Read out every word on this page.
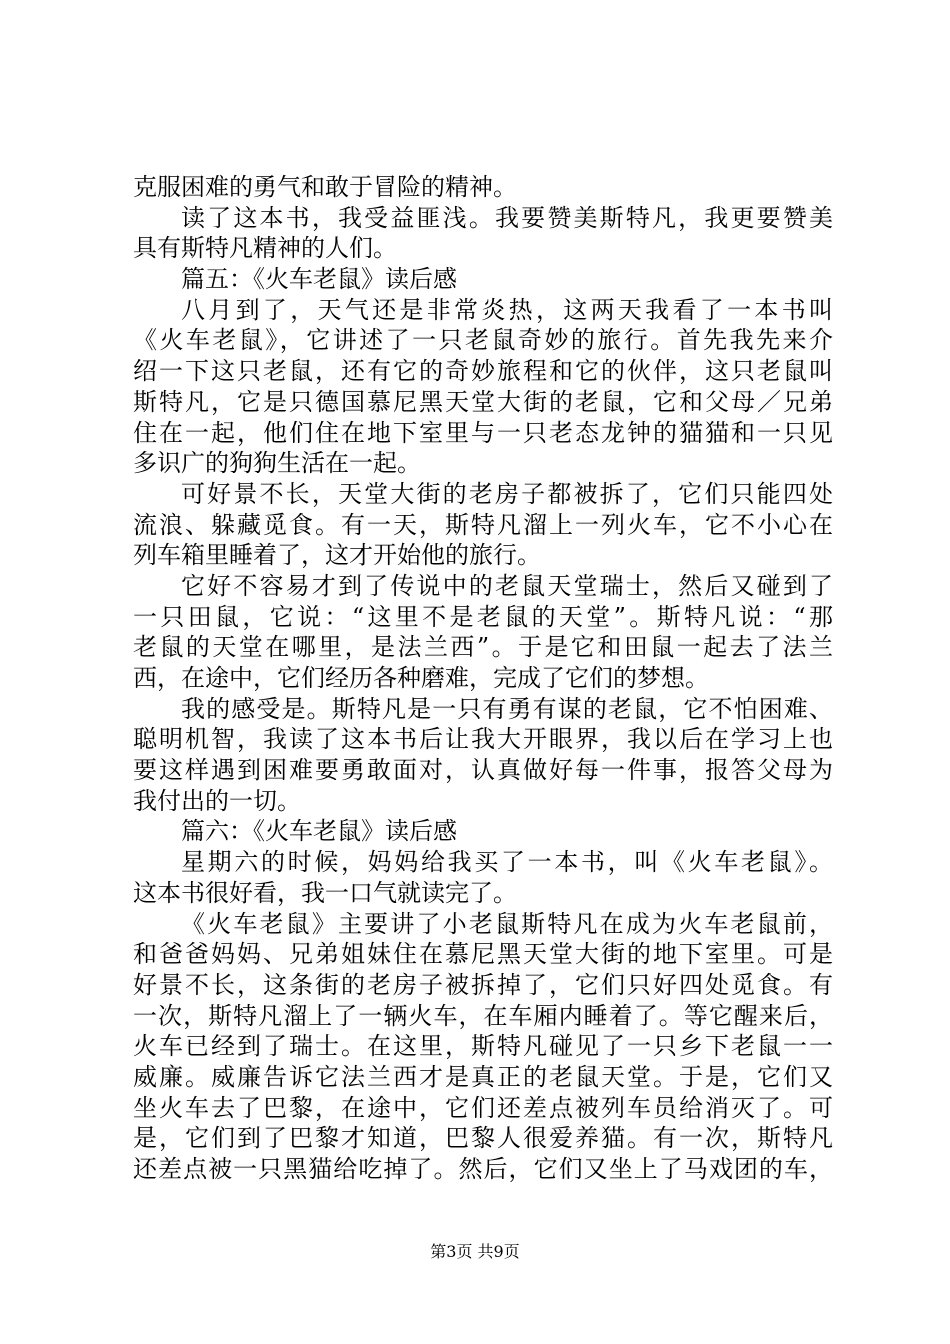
克服困难的勇气和敢于冒险的精神。
读了这本书，我受益匪浅。我要赞美斯特凡，我更要赞美
具有斯特凡精神的人们。
篇五：《火车老鼠》读后感
八月到了，天气还是非常炎热，这两天我看了一本书叫
《火车老鼠》，它讲述了一只老鼠奇妙的旅行。首先我先来介
绍一下这只老鼠，还有它的奇妙旅程和它的伙伴，这只老鼠叫
斯特凡，它是只德国慕尼黑天堂大街的老鼠，它和父母／兄弟
住在一起，他们住在地下室里与一只老态龙钟的猫猫和一只见
多识广的狗狗生活在一起。
可好景不长，天堂大街的老房子都被拆了，它们只能四处
流浪、躲藏觅食。有一天，斯特凡溜上一列火车，它不小心在
列车箱里睡着了，这才开始他的旅行。
它好不容易才到了传说中的老鼠天堂瑞士，然后又碰到了
一只田鼠，它说：“这里不是老鼠的天堂”。斯特凡说：“那
老鼠的天堂在哪里，是法兰西”。于是它和田鼠一起去了法兰
西，在途中，它们经历各种磨难，完成了它们的梦想。
我的感受是。斯特凡是一只有勇有谋的老鼠，它不怕困难、
聪明机智，我读了这本书后让我大开眼界，我以后在学习上也
要这样遇到困难要勇敢面对，认真做好每一件事，报答父母为
我付出的一切。
篇六：《火车老鼠》读后感
星期六的时候，妈妈给我买了一本书，叫《火车老鼠》。
这本书很好看，我一口气就读完了。
《火车老鼠》主要讲了小老鼠斯特凡在成为火车老鼠前，
和爸爸妈妈、兄弟姐妹住在慕尼黑天堂大街的地下室里。可是
好景不长，这条街的老房子被拆掉了，它们只好四处觅食。有
一次，斯特凡溜上了一辆火车，在车厢内睡着了。等它醒来后，
火车已经到了瑞士。在这里，斯特凡碰见了一只乡下老鼠一一
威廉。威廉告诉它法兰西才是真正的老鼠天堂。于是，它们又
坐火车去了巴黎，在途中，它们还差点被列车员给消灭了。可
是，它们到了巴黎才知道，巴黎人很爱养猫。有一次，斯特凡
还差点被一只黑猫给吃掉了。然后，它们又坐上了马戏团的车，
第3页 共9页
